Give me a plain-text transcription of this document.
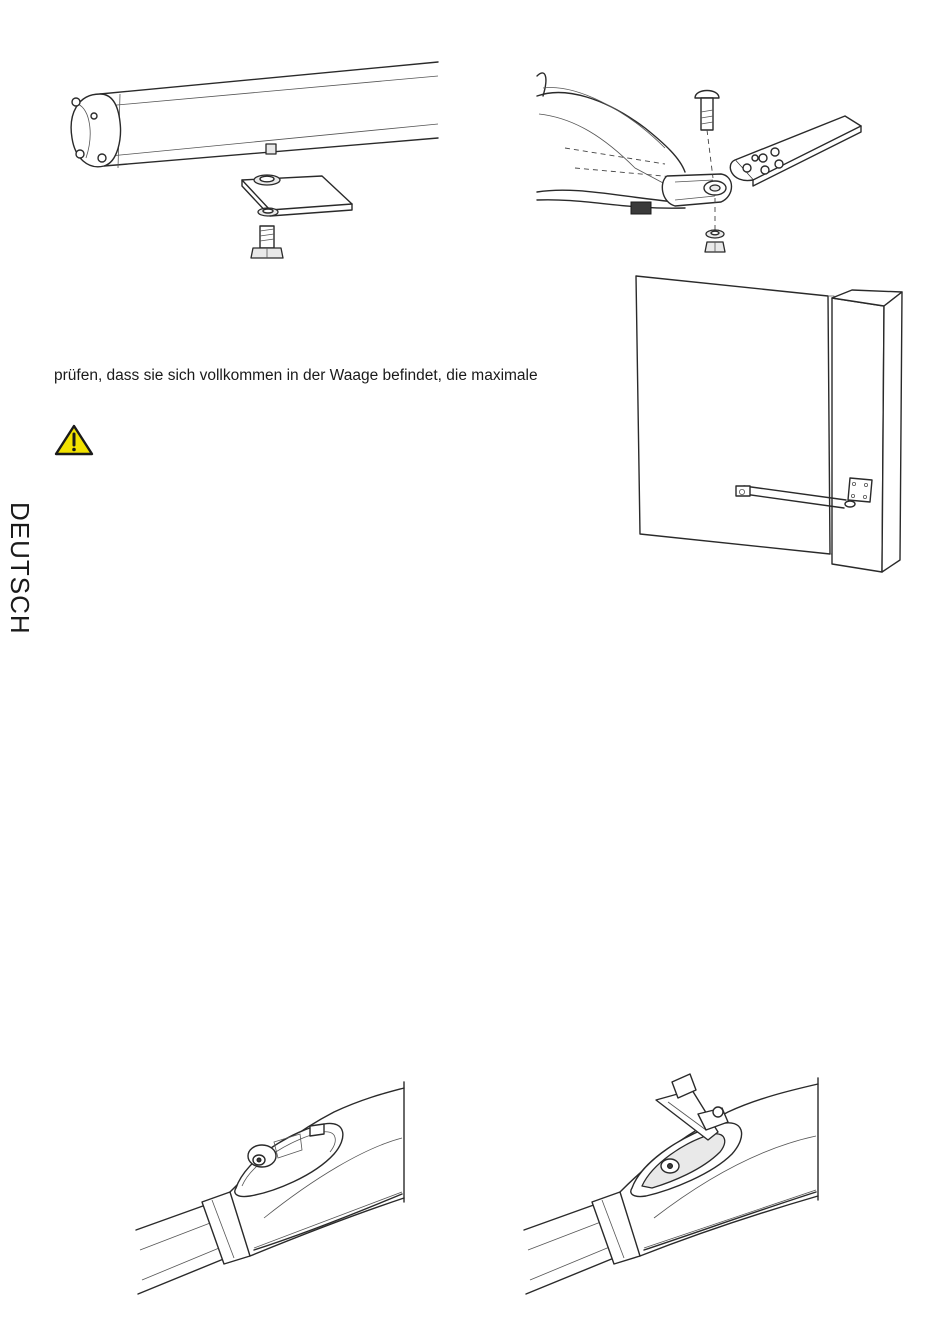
prüfen, dass sie sich vollkommen in der Waage befindet, die maximale

DEUTSCH
